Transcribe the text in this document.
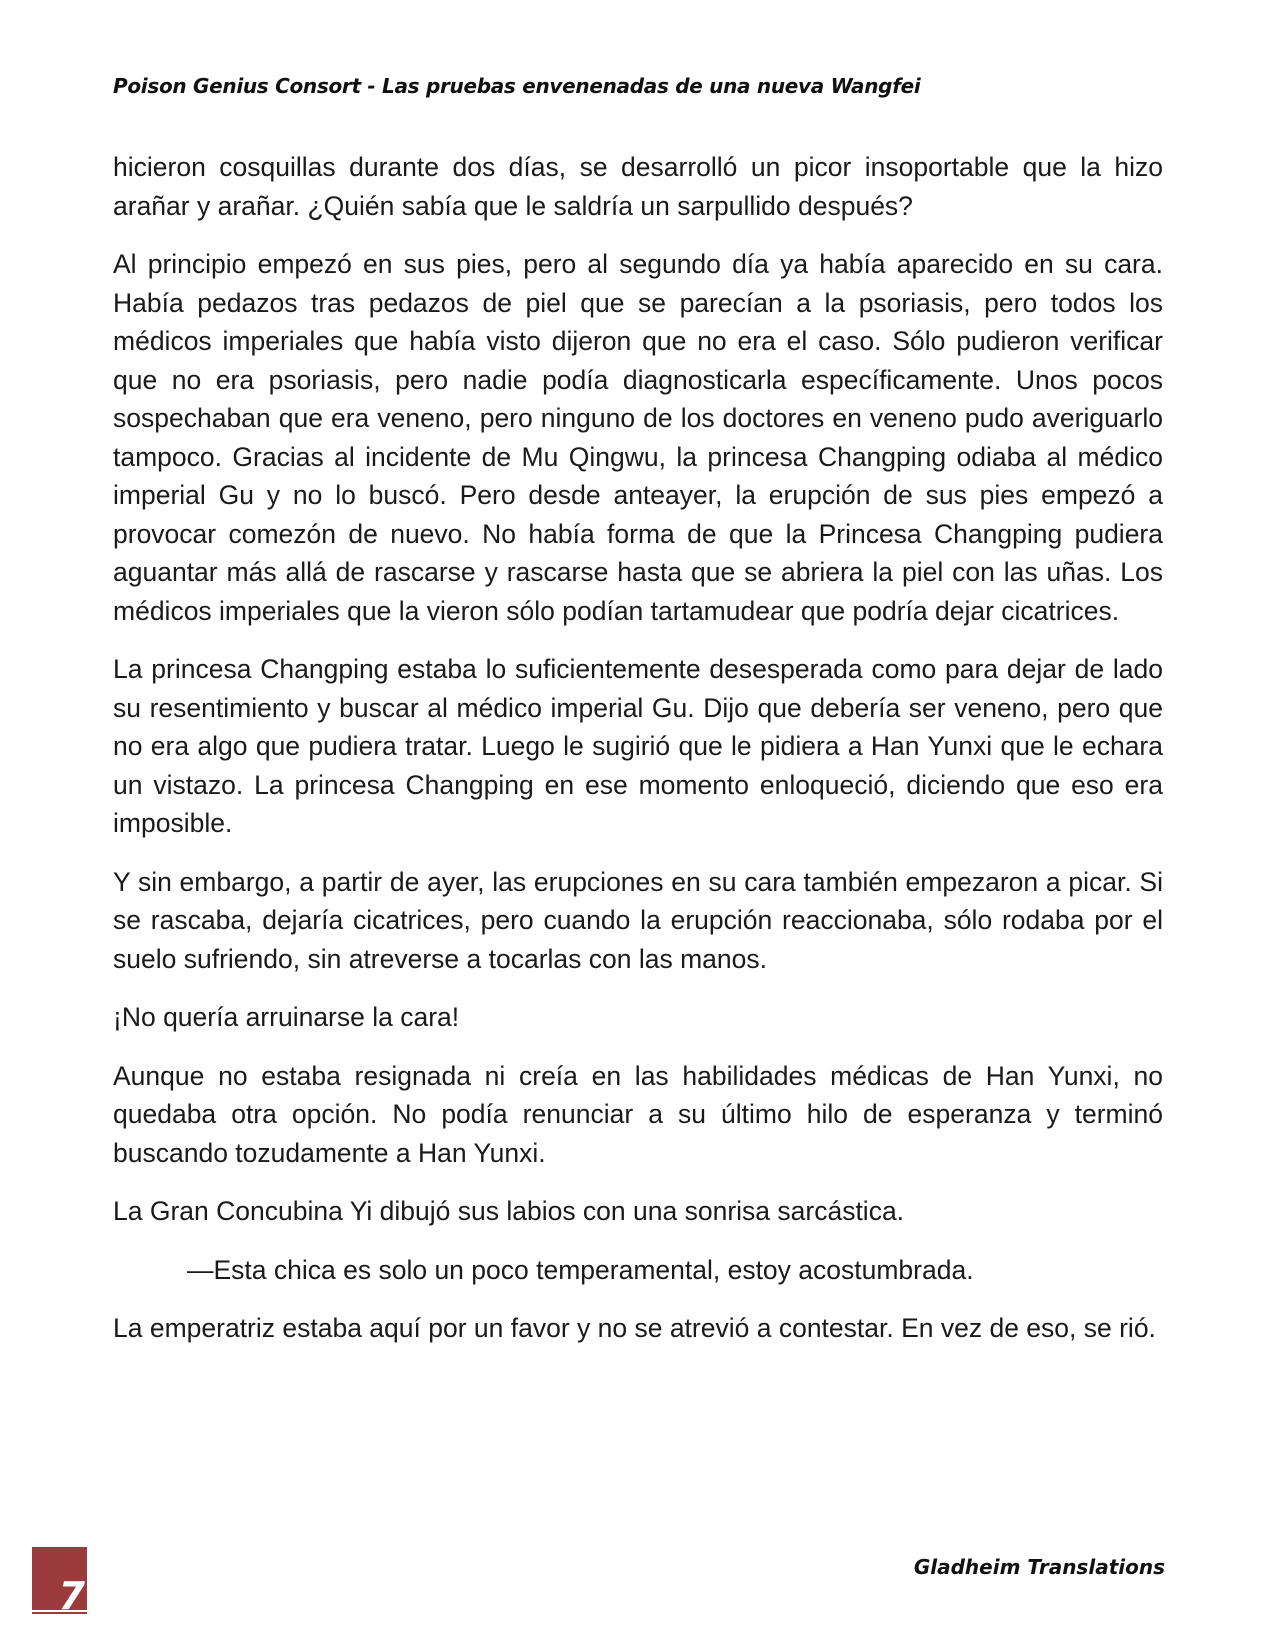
Poison Genius Consort - Las pruebas envenenadas de una nueva Wangfei

hicieron cosquillas durante dos días, se desarrolló un picor insoportable que la hizo arañar y arañar. ¿Quién sabía que le saldría un sarpullido después?

Al principio empezó en sus pies, pero al segundo día ya había aparecido en su cara. Había pedazos tras pedazos de piel que se parecían a la psoriasis, pero todos los médicos imperiales que había visto dijeron que no era el caso. Sólo pudieron verificar que no era psoriasis, pero nadie podía diagnosticarla específicamente. Unos pocos sospechaban que era veneno, pero ninguno de los doctores en veneno pudo averiguarlo tampoco. Gracias al incidente de Mu Qingwu, la princesa Changping odiaba al médico imperial Gu y no lo buscó. Pero desde anteayer, la erupción de sus pies empezó a provocar comezón de nuevo. No había forma de que la Princesa Changping pudiera aguantar más allá de rascarse y rascarse hasta que se abriera la piel con las uñas. Los médicos imperiales que la vieron sólo podían tartamudear que podría dejar cicatrices.

La princesa Changping estaba lo suficientemente desesperada como para dejar de lado su resentimiento y buscar al médico imperial Gu. Dijo que debería ser veneno, pero que no era algo que pudiera tratar. Luego le sugirió que le pidiera a Han Yunxi que le echara un vistazo. La princesa Changping en ese momento enloqueció, diciendo que eso era imposible.

Y sin embargo, a partir de ayer, las erupciones en su cara también empezaron a picar. Si se rascaba, dejaría cicatrices, pero cuando la erupción reaccionaba, sólo rodaba por el suelo sufriendo, sin atreverse a tocarlas con las manos.

¡No quería arruinarse la cara!

Aunque no estaba resignada ni creía en las habilidades médicas de Han Yunxi, no quedaba otra opción. No podía renunciar a su último hilo de esperanza y terminó buscando tozudamente a Han Yunxi.

La Gran Concubina Yi dibujó sus labios con una sonrisa sarcástica.

—Esta chica es solo un poco temperamental, estoy acostumbrada.

La emperatriz estaba aquí por un favor y no se atrevió a contestar. En vez de eso, se rió.

7
Gladheim Translations
